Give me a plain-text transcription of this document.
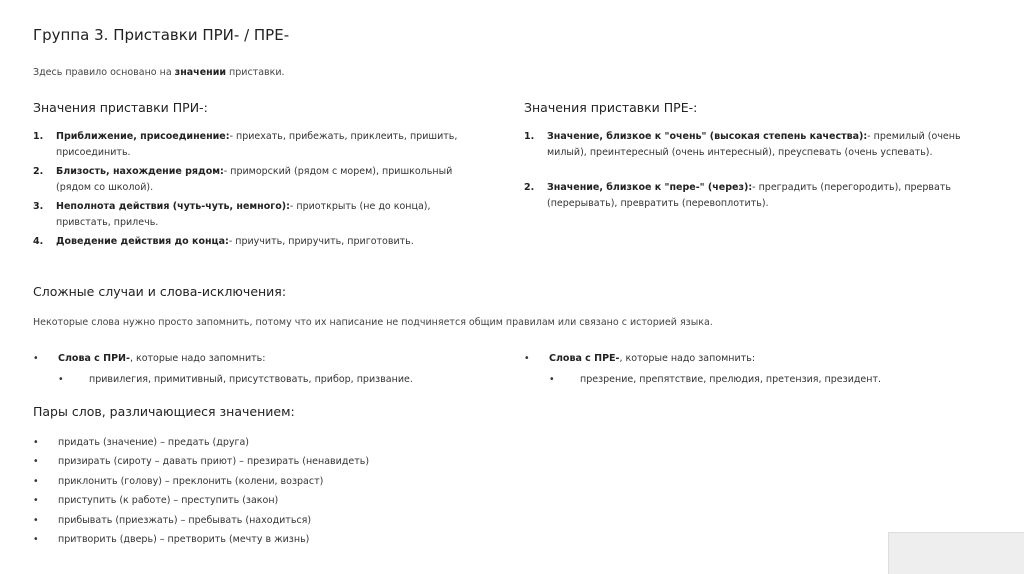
Группа 3. Приставки ПРИ- / ПРЕ-
Здесь правило основано на значении приставки.
Значения приставки ПРИ-:
1. Приближение, присоединение:- приехать, прибежать, приклеить, пришить, присоединить.
2. Близость, нахождение рядом:- приморский (рядом с морем), пришкольный (рядом со школой).
3. Неполнота действия (чуть-чуть, немного):- приоткрыть (не до конца), привстать, прилечь.
4. Доведение действия до конца:- приучить, приручить, приготовить.
Значения приставки ПРЕ-:
1. Значение, близкое к "очень" (высокая степень качества):- премилый (очень милый), преинтересный (очень интересный), преуспевать (очень успевать).
2. Значение, близкое к "пере-" (через):- преградить (перегородить), прервать (перерывать), превратить (перевоплотить).
Сложные случаи и слова-исключения:
Некоторые слова нужно просто запомнить, потому что их написание не подчиняется общим правилам или связано с историей языка.
• Слова с ПРИ-, которые надо запомнить:
•	привилегия, примитивный, присутствовать, прибор, призвание.
• Слова с ПРЕ-, которые надо запомнить:
•	презрение, препятствие, прелюдия, претензия, президент.
Пары слов, различающиеся значением:
• придать (значение) – предать (друга)
• призирать (сироту – давать приют) – презирать (ненавидеть)
• приклонить (голову) – преклонить (колени, возраст)
• приступить (к работе) – преступить (закон)
• прибывать (приезжать) – пребывать (находиться)
• притворить (дверь) – претворить (мечту в жизнь)
